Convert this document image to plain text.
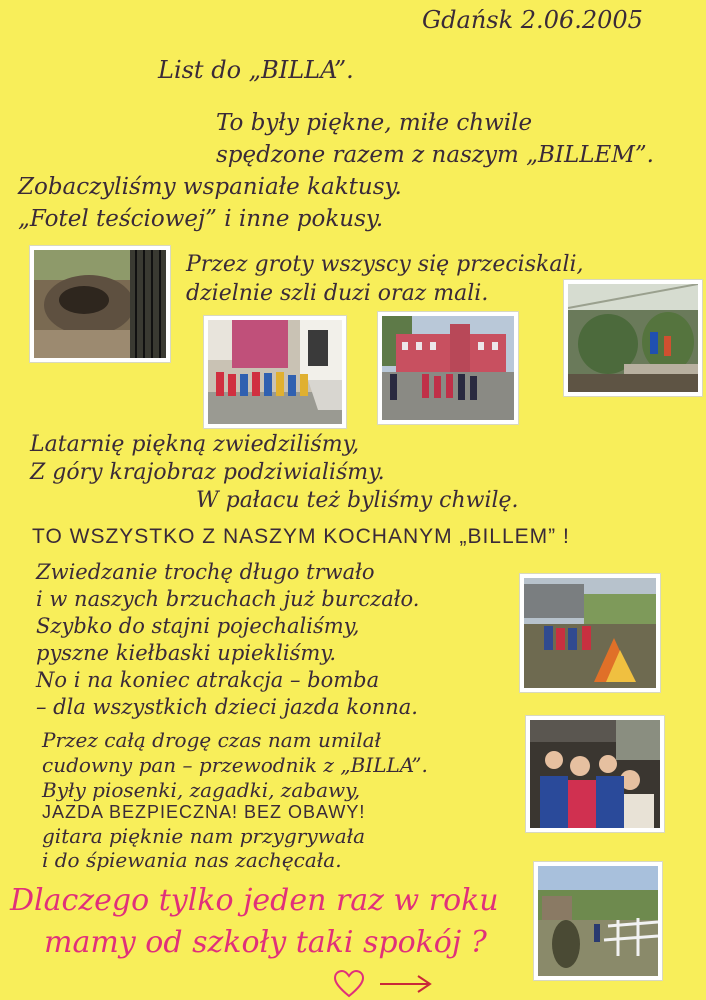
Gdańsk 2.06.2005
List do „BILLA”.
To były piękne, miłe chwile
spędzone razem z naszym „BILLEM”.
Zobaczyliśmy wspaniałe kaktusy.
„Fotel teściowej” i inne pokusy.
Przez groty wszyscy się przeciskali,
dzielnie szli duzi oraz mali.
Latarnię piękną zwiedziliśmy,
Z góry krajobraz podziwialiśmy.
W pałacu też byliśmy chwilę.
TO WSZYSTKO Z NASZYM KOCHANYM „BILLEM” !
Zwiedzanie trochę długo trwało
i w naszych brzuchach już burczało.
Szybko do stajni pojechaliśmy,
pyszne kiełbaski upiekliśmy.
No i na koniec atrakcja – bomba
– dla wszystkich dzieci jazda konna.
Przez całą drogę czas nam umilał
cudowny pan – przewodnik z „BILLA”.
Były piosenki, zagadki, zabawy,
JAZDA BEZPIECZNA! BEZ OBAWY!
gitara pięknie nam przygrywała
i do śpiewania nas zachęcała.
Dlaczego tylko jeden raz w roku
mamy od szkoły taki spokój ?
